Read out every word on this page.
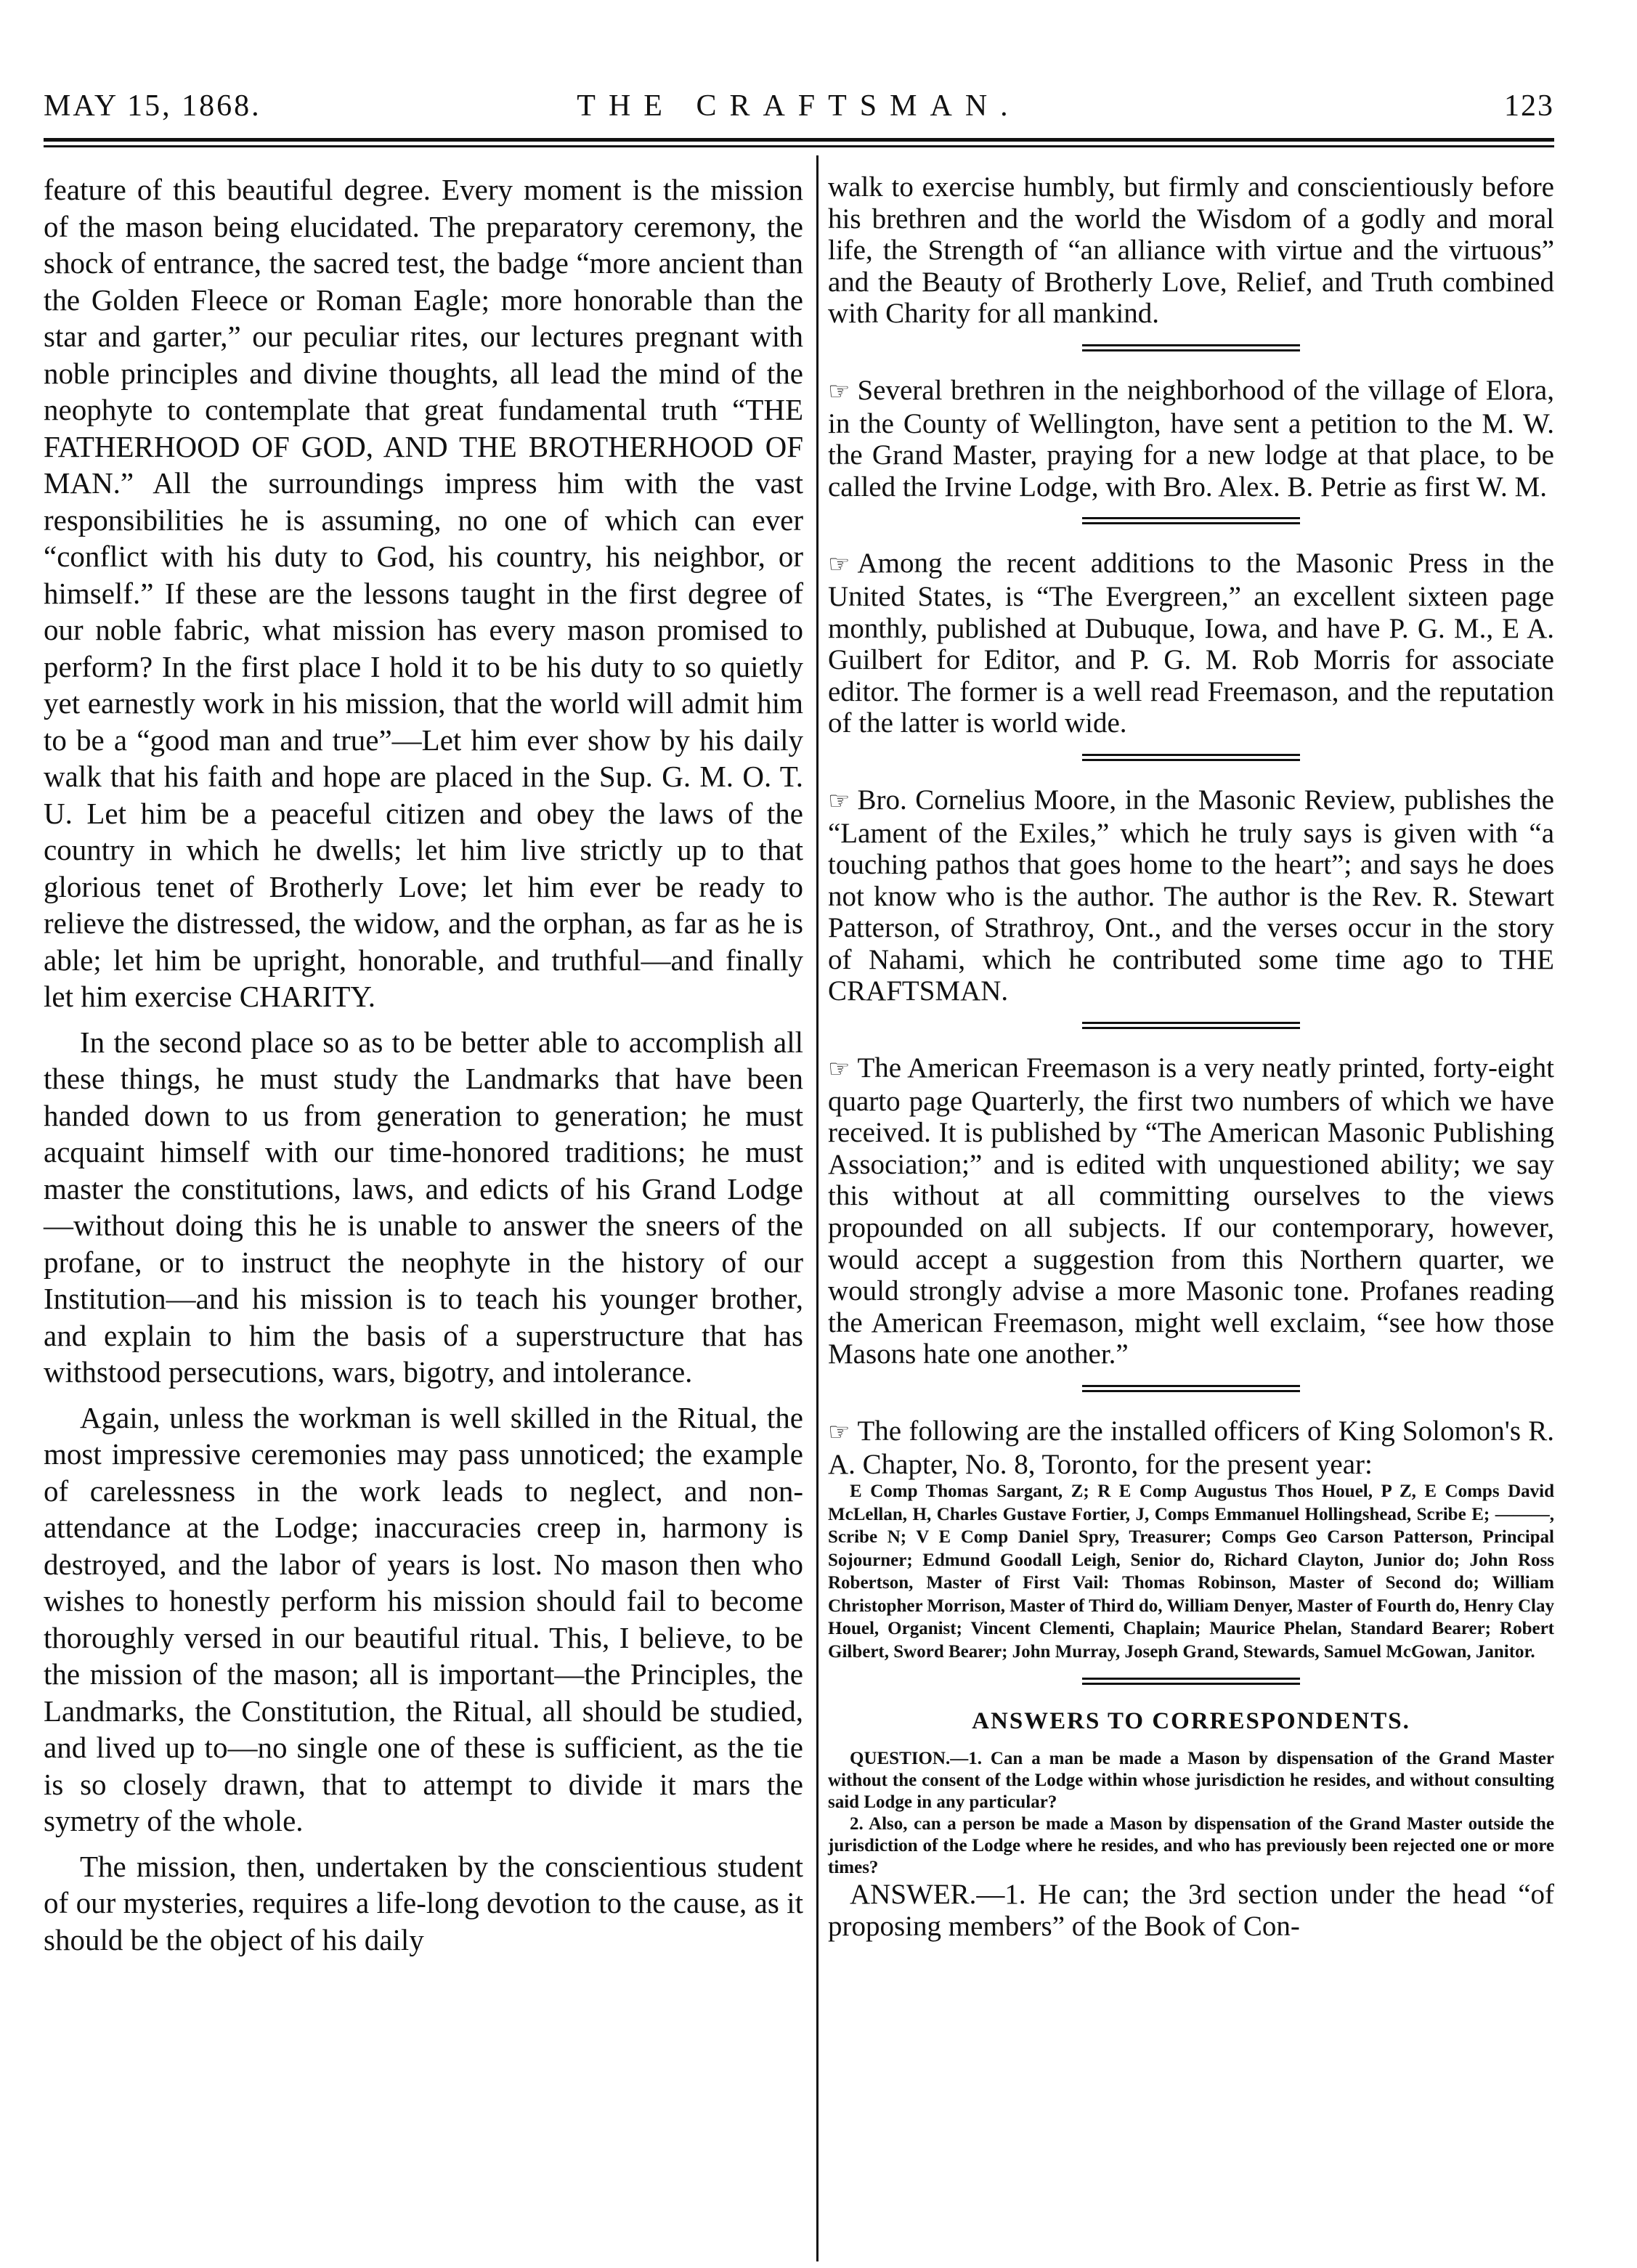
MAY 15, 1868.	THE CRAFTSMAN.	123

feature of this beautiful degree. Every moment is the mission of the mason being elucidated. The preparatory ceremony, the shock of entrance, the sacred test, the badge “more ancient than the Golden Fleece or Roman Eagle; more honorable than the star and garter,” our peculiar rites, our lectures pregnant with noble principles and divine thoughts, all lead the mind of the neophyte to contemplate that great fundamental truth “THE FATHERHOOD OF GOD, AND THE BROTHERHOOD OF MAN.” All the surroundings impress him with the vast responsibilities he is assuming, no one of which can ever “conflict with his duty to God, his country, his neighbor, or himself.” If these are the lessons taught in the first degree of our noble fabric, what mission has every mason promised to perform? In the first place I hold it to be his duty to so quietly yet earnestly work in his mission, that the world will admit him to be a “good man and true”—Let him ever show by his daily walk that his faith and hope are placed in the Sup. G. M. O. T. U. Let him be a peaceful citizen and obey the laws of the country in which he dwells; let him live strictly up to that glorious tenet of Brotherly Love; let him ever be ready to relieve the distressed, the widow, and the orphan, as far as he is able; let him be upright, honorable, and truthful—and finally let him exercise CHARITY.

In the second place so as to be better able to accomplish all these things, he must study the Landmarks that have been handed down to us from generation to generation; he must acquaint himself with our time-honored traditions; he must master the constitutions, laws, and edicts of his Grand Lodge —without doing this he is unable to answer the sneers of the profane, or to instruct the neophyte in the history of our Institution—and his mission is to teach his younger brother, and explain to him the basis of a superstructure that has withstood persecutions, wars, bigotry, and intolerance.

Again, unless the workman is well skilled in the Ritual, the most impressive ceremonies may pass unnoticed; the example of carelessness in the work leads to neglect, and non-attendance at the Lodge; inaccuracies creep in, harmony is destroyed, and the labor of years is lost. No mason then who wishes to honestly perform his mission should fail to become thoroughly versed in our beautiful ritual. This, I believe, to be the mission of the mason; all is important—the Principles, the Landmarks, the Constitution, the Ritual, all should be studied, and lived up to—no single one of these is sufficient, as the tie is so closely drawn, that to attempt to divide it mars the symetry of the whole.

The mission, then, undertaken by the conscientious student of our mysteries, requires a life-long devotion to the cause, as it should be the object of his daily

walk to exercise humbly, but firmly and conscientiously before his brethren and the world the Wisdom of a godly and moral life, the Strength of “an alliance with virtue and the virtuous” and the Beauty of Brotherly Love, Relief, and Truth combined with Charity for all mankind.

☞ Several brethren in the neighborhood of the village of Elora, in the County of Wellington, have sent a petition to the M. W. the Grand Master, praying for a new lodge at that place, to be called the Irvine Lodge, with Bro. Alex. B. Petrie as first W. M.

☞ Among the recent additions to the Masonic Press in the United States, is “The Evergreen,” an excellent sixteen page monthly, published at Dubuque, Iowa, and have P. G. M., E A. Guilbert for Editor, and P. G. M. Rob Morris for associate editor. The former is a well read Freemason, and the reputation of the latter is world wide.

☞ Bro. Cornelius Moore, in the Masonic Review, publishes the “Lament of the Exiles,” which he truly says is given with “a touching pathos that goes home to the heart”; and says he does not know who is the author. The author is the Rev. R. Stewart Patterson, of Strathroy, Ont., and the verses occur in the story of Nahami, which he contributed some time ago to THE CRAFTSMAN.

☞ The American Freemason is a very neatly printed, forty-eight quarto page Quarterly, the first two numbers of which we have received. It is published by “The American Masonic Publishing Association;” and is edited with unquestioned ability; we say this without at all committing ourselves to the views propounded on all subjects. If our contemporary, however, would accept a suggestion from this Northern quarter, we would strongly advise a more Masonic tone. Profanes reading the American Freemason, might well exclaim, “see how those Masons hate one another.”

☞ The following are the installed officers of King Solomon's R. A. Chapter, No. 8, Toronto, for the present year:

E Comp Thomas Sargant, Z; R E Comp Augustus Thos Houel, P Z, E Comps David McLellan, H, Charles Gustave Fortier, J, Comps Emmanuel Hollingshead, Scribe E; ———, Scribe N; V E Comp Daniel Spry, Treasurer; Comps Geo Carson Patterson, Principal Sojourner; Edmund Goodall Leigh, Senior do, Richard Clayton, Junior do; John Ross Robertson, Master of First Vail: Thomas Robinson, Master of Second do; William Christopher Morrison, Master of Third do, William Denyer, Master of Fourth do, Henry Clay Houel, Organist; Vincent Clementi, Chaplain; Maurice Phelan, Standard Bearer; Robert Gilbert, Sword Bearer; John Murray, Joseph Grand, Stewards, Samuel McGowan, Janitor.

ANSWERS TO CORRESPONDENTS.

QUESTION.—1. Can a man be made a Mason by dispensation of the Grand Master without the consent of the Lodge within whose jurisdiction he resides, and without consulting said Lodge in any particular?

2. Also, can a person be made a Mason by dispensation of the Grand Master outside the jurisdiction of the Lodge where he resides, and who has previously been rejected one or more times?

ANSWER.—1. He can; the 3rd section under the head “of proposing members” of the Book of Con-
